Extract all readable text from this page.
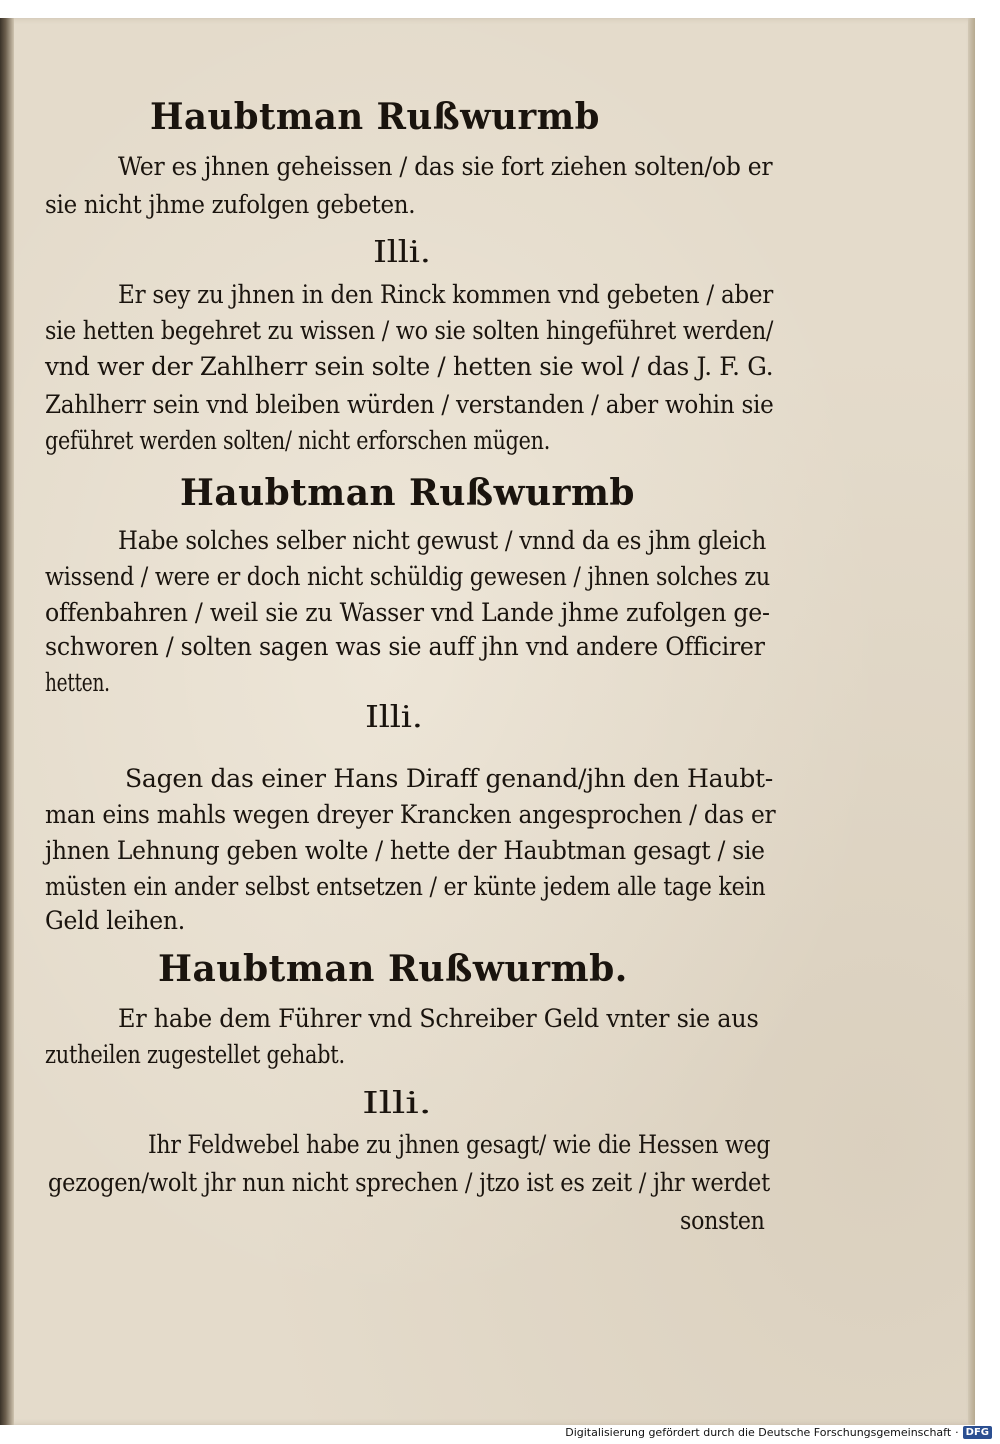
Haubtman Rußwurmb
Wer es jhnen geheissen / das sie fort ziehen solten/ob er
sie nicht jhme zufolgen gebeten.
Illi.
Er sey zu jhnen in den Rinck kommen vnd gebeten / aber
sie hetten begehret zu wissen / wo sie solten hingeführet werden/
vnd wer der Zahlherr sein solte / hetten sie wol / das J. F. G.
Zahlherr sein vnd bleiben würden / verstanden / aber wohin sie
geführet werden solten/ nicht erforschen mügen.
Haubtman Rußwurmb
Habe solches selber nicht gewust / vnnd da es jhm gleich
wissend / were er doch nicht schüldig gewesen / jhnen solches zu
offenbahren / weil sie zu Wasser vnd Lande jhme zufolgen ge-
schworen / solten sagen was sie auff jhn vnd andere Officirer
hetten.
Illi.
Sagen das einer Hans Diraff genand/jhn den Haubt-
man eins mahls wegen dreyer Krancken angesprochen / das er
jhnen Lehnung geben wolte / hette der Haubtman gesagt / sie
müsten ein ander selbst entsetzen / er künte jedem alle tage kein
Geld leihen.
Haubtman Rußwurmb.
Er habe dem Führer vnd Schreiber Geld vnter sie aus
zutheilen zugestellet gehabt.
Illi.
Ihr Feldwebel habe zu jhnen gesagt/ wie die Hessen weg
gezogen/wolt jhr nun nicht sprechen / jtzo ist es zeit / jhr werdet
sonsten
Digitalisierung gefördert durch die Deutsche Forschungsgemeinschaft · DFG
